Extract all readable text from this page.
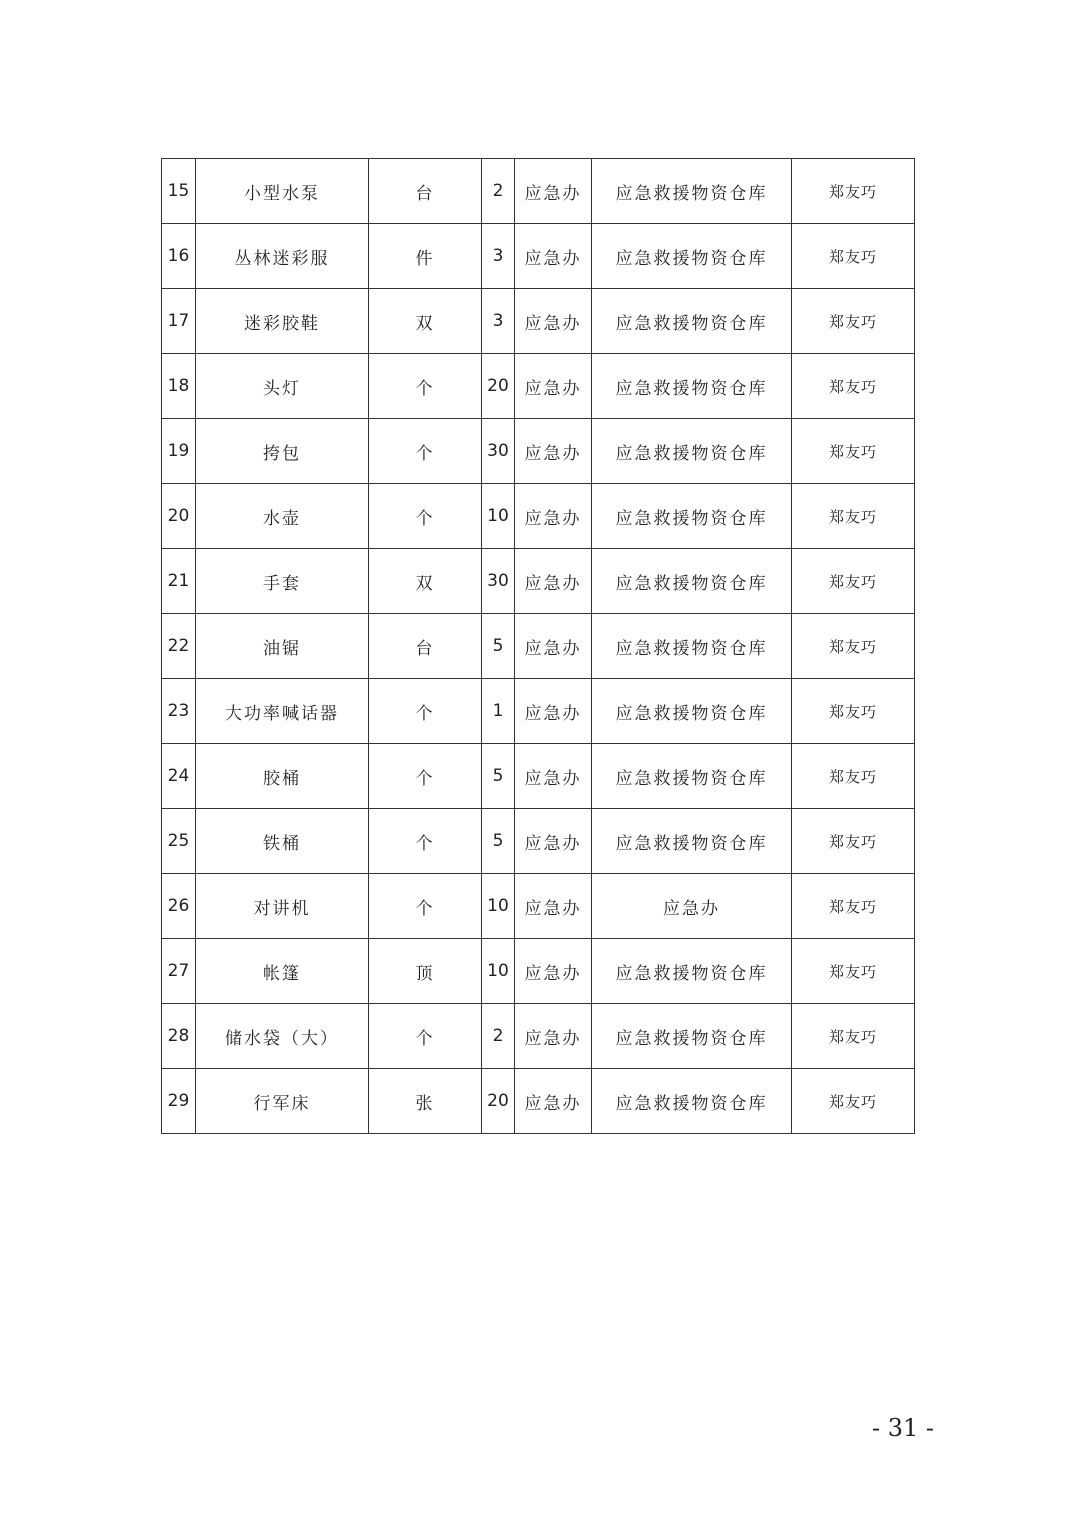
15	小型水泵	台	2	应急办	应急救援物资仓库	郑友巧
16	丛林迷彩服	件	3	应急办	应急救援物资仓库	郑友巧
17	迷彩胶鞋	双	3	应急办	应急救援物资仓库	郑友巧
18	头灯	个	20	应急办	应急救援物资仓库	郑友巧
19	挎包	个	30	应急办	应急救援物资仓库	郑友巧
20	水壶	个	10	应急办	应急救援物资仓库	郑友巧
21	手套	双	30	应急办	应急救援物资仓库	郑友巧
22	油锯	台	5	应急办	应急救援物资仓库	郑友巧
23	大功率喊话器	个	1	应急办	应急救援物资仓库	郑友巧
24	胶桶	个	5	应急办	应急救援物资仓库	郑友巧
25	铁桶	个	5	应急办	应急救援物资仓库	郑友巧
26	对讲机	个	10	应急办	应急办	郑友巧
27	帐篷	顶	10	应急办	应急救援物资仓库	郑友巧
28	储水袋（大）	个	2	应急办	应急救援物资仓库	郑友巧
29	行军床	张	20	应急办	应急救援物资仓库	郑友巧
- 31 -
